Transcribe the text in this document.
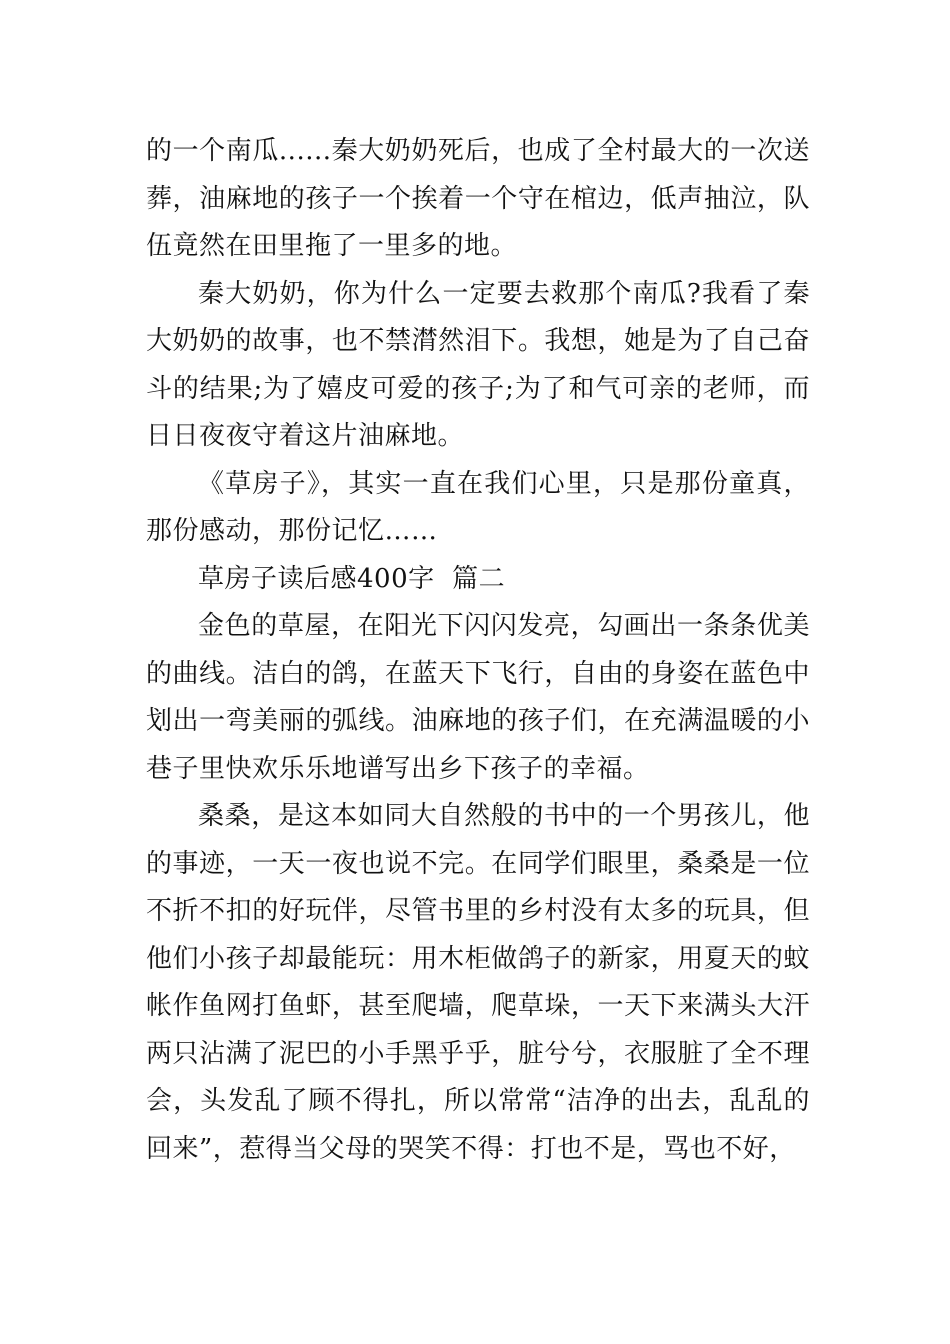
的一个南瓜......秦大奶奶死后，也成了全村最大的一次送葬，油麻地的孩子一个挨着一个守在棺边，低声抽泣，队伍竟然在田里拖了一里多的地。

秦大奶奶，你为什么一定要去救那个南瓜?我看了秦大奶奶的故事，也不禁潸然泪下。我想，她是为了自己奋斗的结果;为了嬉皮可爱的孩子;为了和气可亲的老师，而日日夜夜守着这片油麻地。

《草房子》，其实一直在我们心里，只是那份童真，那份感动，那份记忆……

草房子读后感400字  篇二

金色的草屋，在阳光下闪闪发亮，勾画出一条条优美的曲线。洁白的鸽，在蓝天下飞行，自由的身姿在蓝色中划出一弯美丽的弧线。油麻地的孩子们，在充满温暖的小巷子里快欢乐乐地谱写出乡下孩子的幸福。

桑桑，是这本如同大自然般的书中的一个男孩儿，他的事迹，一天一夜也说不完。在同学们眼里，桑桑是一位不折不扣的好玩伴，尽管书里的乡村没有太多的玩具，但他们小孩子却最能玩：用木柜做鸽子的新家，用夏天的蚊帐作鱼网打鱼虾，甚至爬墙，爬草垛，一天下来满头大汗两只沾满了泥巴的小手黑乎乎，脏兮兮，衣服脏了全不理会，头发乱了顾不得扎，所以常常“洁净的出去，乱乱的回来”，惹得当父母的哭笑不得：打也不是，骂也不好，
